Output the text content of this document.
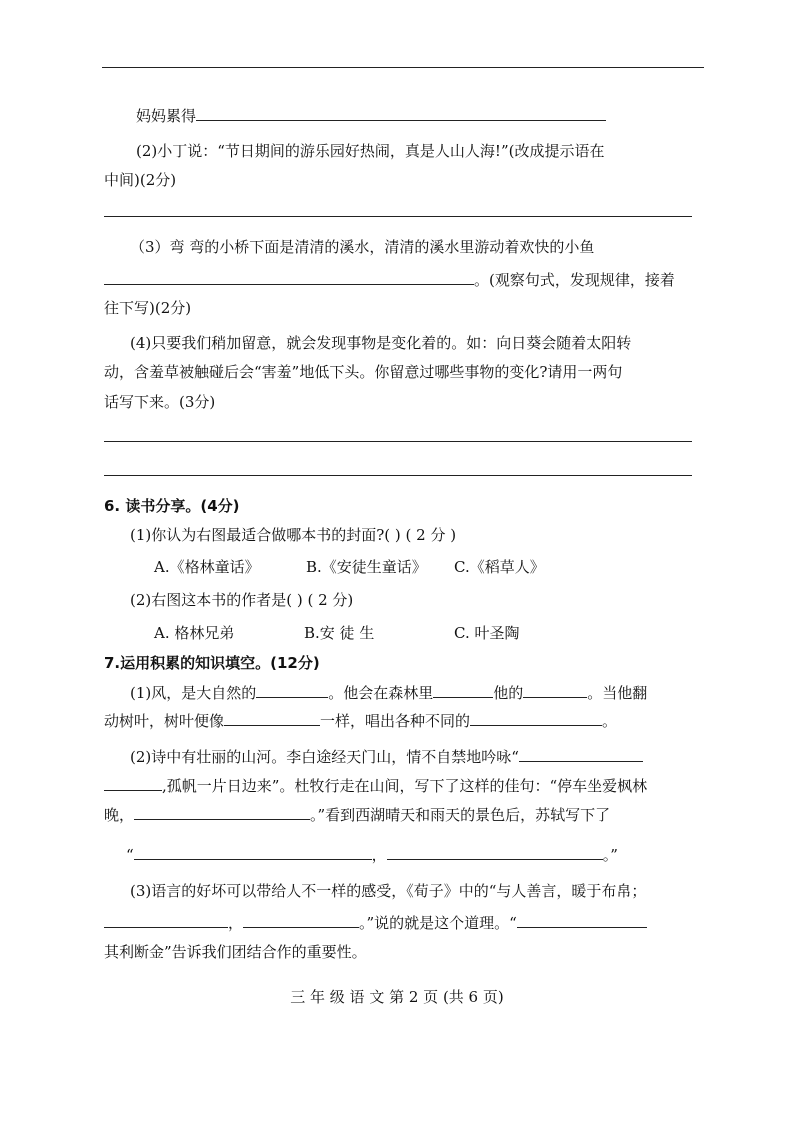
妈妈累得
(2)小丁说：“节日期间的游乐园好热闹，真是人山人海!”(改成提示语在
中间)(2分)
（3）弯 弯的小桥下面是清清的溪水，清清的溪水里游动着欢快的小鱼
。(观察句式，发现规律，接着
往下写)(2分)
(4)只要我们稍加留意，就会发现事物是变化着的。如：向日葵会随着太阳转
动，含羞草被触碰后会“害羞”地低下头。你留意过哪些事物的变化?请用一两句
话写下来。(3分)
6. 读书分享。(4分)
(1)你认为右图最适合做哪本书的封面?( ) ( 2 分 )
A.《格林童话》	B.《安徒生童话》 C.《稻草人》
(2)右图这本书的作者是( ) ( 2 分)
A. 格林兄弟	B.安 徒 生	C. 叶圣陶
7.运用积累的知识填空。(12分)
(1)风，是大自然的	。他会在森林里	他的	。当他翻
动树叶，树叶便像	一样，唱出各种不同的	。
(2)诗中有壮丽的山河。李白途经天门山，情不自禁地吟咏“
,孤帆一片日边来”。杜牧行走在山间，写下了这样的佳句：“停车坐爱枫林
晚，	。”看到西湖晴天和雨天的景色后，苏轼写下了
“	，	。”
(3)语言的好坏可以带给人不一样的感受，《荀子》中的“与人善言，暖于布帛；
，	。”说的就是这个道理。“
其利断金”告诉我们团结合作的重要性。
三 年 级 语 文 第 2 页 (共 6 页)
